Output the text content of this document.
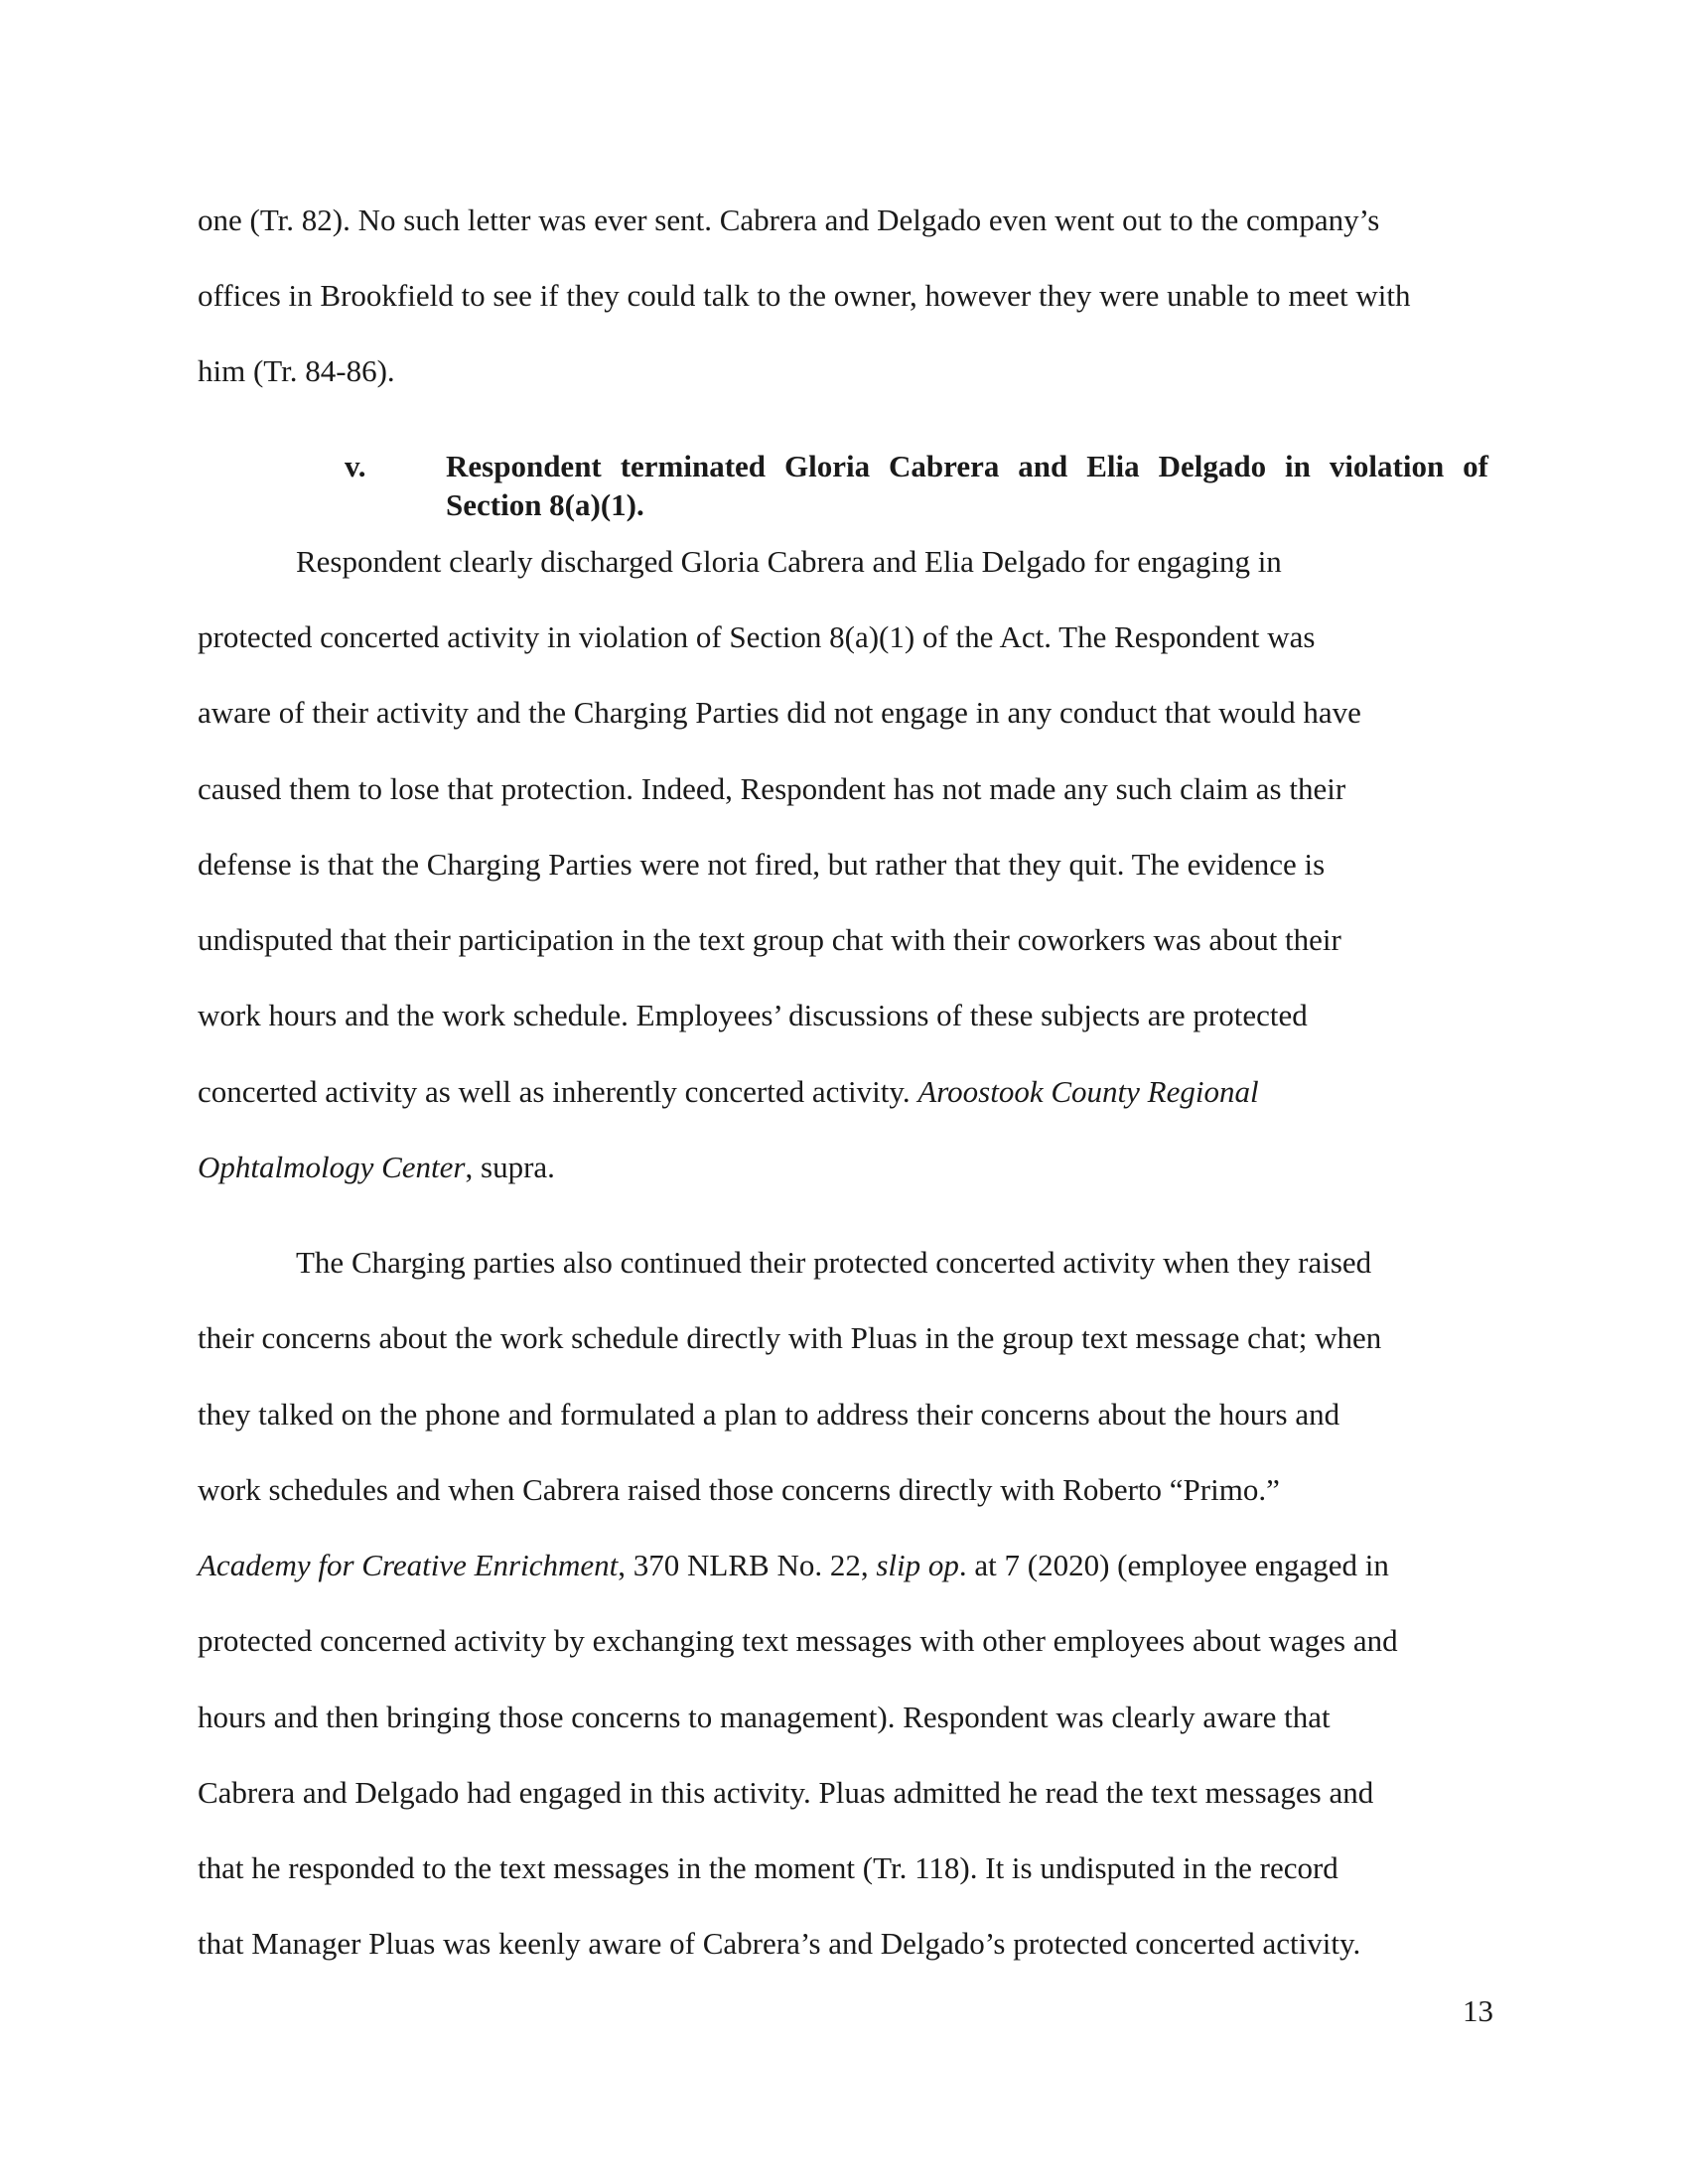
one (Tr. 82). No such letter was ever sent. Cabrera and Delgado even went out to the company’s
offices in Brookfield to see if they could talk to the owner, however they were unable to meet with
him (Tr. 84-86).
v.	Respondent terminated Gloria Cabrera and Elia Delgado in violation of
Section 8(a)(1).
Respondent clearly discharged Gloria Cabrera and Elia Delgado for engaging in
protected concerted activity in violation of Section 8(a)(1) of the Act. The Respondent was
aware of their activity and the Charging Parties did not engage in any conduct that would have
caused them to lose that protection. Indeed, Respondent has not made any such claim as their
defense is that the Charging Parties were not fired, but rather that they quit. The evidence is
undisputed that their participation in the text group chat with their coworkers was about their
work hours and the work schedule. Employees’ discussions of these subjects are protected
concerted activity as well as inherently concerted activity. Aroostook County Regional
Ophtalmology Center, supra.
The Charging parties also continued their protected concerted activity when they raised
their concerns about the work schedule directly with Pluas in the group text message chat; when
they talked on the phone and formulated a plan to address their concerns about the hours and
work schedules and when Cabrera raised those concerns directly with Roberto “Primo.”
Academy for Creative Enrichment, 370 NLRB No. 22, slip op. at 7 (2020) (employee engaged in
protected concerned activity by exchanging text messages with other employees about wages and
hours and then bringing those concerns to management). Respondent was clearly aware that
Cabrera and Delgado had engaged in this activity. Pluas admitted he read the text messages and
that he responded to the text messages in the moment (Tr. 118). It is undisputed in the record
that Manager Pluas was keenly aware of Cabrera’s and Delgado’s protected concerted activity.
13
